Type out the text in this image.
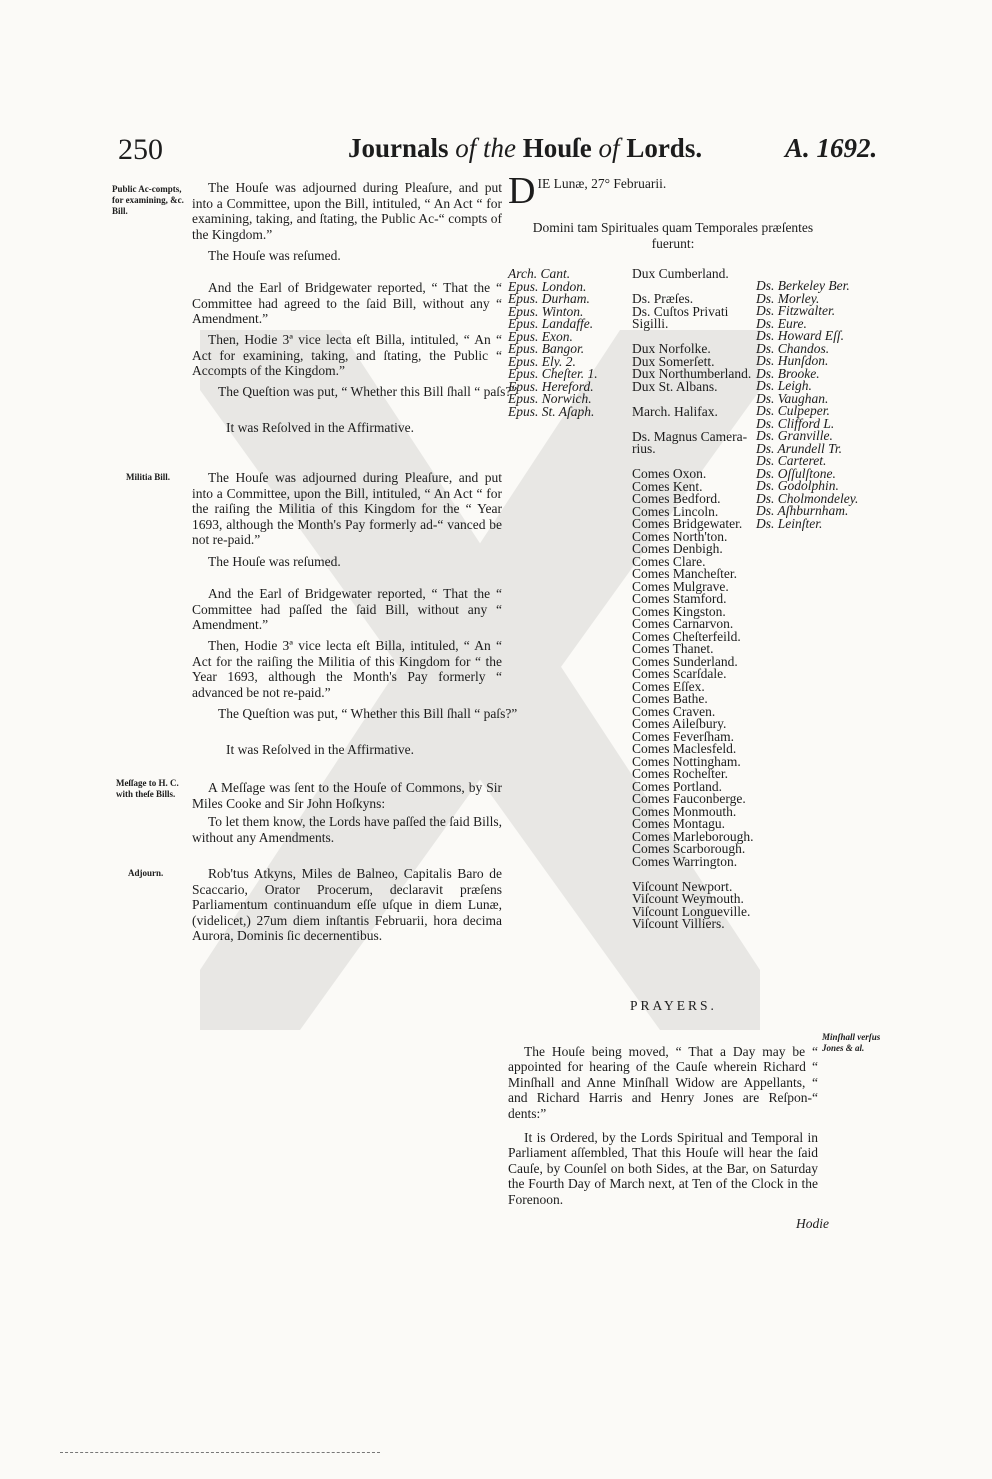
250	Journals of the Houſe of Lords.	A. 1692.
Public Ac-compts, for examining, &c. Bill.
Militia Bill.
Meſſage to H. C. with theſe Bills.
Adjourn.

The Houſe was adjourned during Pleaſure, and put into a Committee, upon the Bill, intituled, “ An Act “ for examining, taking, and ſtating, the Public Ac-“ compts of the Kingdom.”

The Houſe was reſumed.

And the Earl of Bridgewater reported, “ That the “ Committee had agreed to the ſaid Bill, without any “ Amendment.”

Then, Hodie 3ª vice lecta eſt Billa, intituled, “ An “ Act for examining, taking, and ſtating, the Public “ Accompts of the Kingdom.”

The Queſtion was put, “ Whether this Bill ſhall “ paſs?”

It was Reſolved in the Affirmative.

The Houſe was adjourned during Pleaſure, and put into a Committee, upon the Bill, intituled, “ An Act “ for the raiſing the Militia of this Kingdom for the “ Year 1693, although the Month's Pay formerly ad-“ vanced be not re-paid.”

The Houſe was reſumed.

And the Earl of Bridgewater reported, “ That the “ Committee had paſſed the ſaid Bill, without any “ Amendment.”

Then, Hodie 3ª vice lecta eſt Billa, intituled, “ An “ Act for the raiſing the Militia of this Kingdom for “ the Year 1693, although the Month's Pay formerly “ advanced be not re-paid.”

The Queſtion was put, “ Whether this Bill ſhall “ paſs?”

It was Reſolved in the Affirmative.

A Meſſage was ſent to the Houſe of Commons, by Sir Miles Cooke and Sir John Hoſkyns:

To let them know, the Lords have paſſed the ſaid Bills, without any Amendments.

Rob'tus Atkyns, Miles de Balneo, Capitalis Baro de Scaccario, Orator Procerum, declaravit præſens Parliamentum continuandum eſſe uſque in diem Lunæ, (videlicet,) 27um diem inſtantis Februarii, hora decima Aurora, Dominis ſic decernentibus.

D IE Lunæ, 27° Februarii.
Domini tam Spirituales quam Temporales præſentes
fuerunt:
Arch. Cant.
Epus. London.
Epus. Durham.
Epus. Winton.
Epus. Landaffe.
Epus. Exon.
Epus. Bangor.
Epus. Ely. 2.
Epus. Cheſter. 1.
Epus. Hereford.
Epus. Norwich.
Epus. St. Aſaph.
Dux Cumberland.
Ds. Præſes.
Ds. Cuſtos Privati
Sigilli.
Dux Norfolke.
Dux Somerſett.
Dux Northumberland.
Dux St. Albans.
March. Halifax.
Ds. Magnus Camera-
rius.
Comes Oxon.
Comes Kent.
Comes Bedford.
Comes Lincoln.
Comes Bridgewater.
Comes North'ton.
Comes Denbigh.
Comes Clare.
Comes Mancheſter.
Comes Mulgrave.
Comes Stamford.
Comes Kingston.
Comes Carnarvon.
Comes Cheſterfeild.
Comes Thanet.
Comes Sunderland.
Comes Scarſdale.
Comes Eſſex.
Comes Bathe.
Comes Craven.
Comes Aileſbury.
Comes Feverſham.
Comes Maclesfeld.
Comes Nottingham.
Comes Rocheſter.
Comes Portland.
Comes Fauconberge.
Comes Monmouth.
Comes Montagu.
Comes Marleborough.
Comes Scarborough.
Comes Warrington.
Viſcount Newport.
Viſcount Weymouth.
Viſcount Longueville.
Viſcount Villiers.
Ds. Berkeley Ber.
Ds. Morley.
Ds. Fitzwalter.
Ds. Eure.
Ds. Howard Eſſ.
Ds. Chandos.
Ds. Hunſdon.
Ds. Brooke.
Ds. Leigh.
Ds. Vaughan.
Ds. Culpeper.
Ds. Clifford L.
Ds. Granville.
Ds. Arundell Tr.
Ds. Carteret.
Ds. Oſſulſtone.
Ds. Godolphin.
Ds. Cholmondeley.
Ds. Aſhburnham.
Ds. Leinſter.
PRAYERS.

The Houſe being moved, “ That a Day may be “ appointed for hearing of the Cauſe wherein Richard “ Minſhall and Anne Minſhall Widow are Appellants, “ and Richard Harris and Henry Jones are Reſpon-“ dents:”

Minſhall verſus Jones & al.

It is Ordered, by the Lords Spiritual and Temporal in Parliament aſſembled, That this Houſe will hear the ſaid Cauſe, by Counſel on both Sides, at the Bar, on Saturday the Fourth Day of March next, at Ten of the Clock in the Forenoon.

Hodie
